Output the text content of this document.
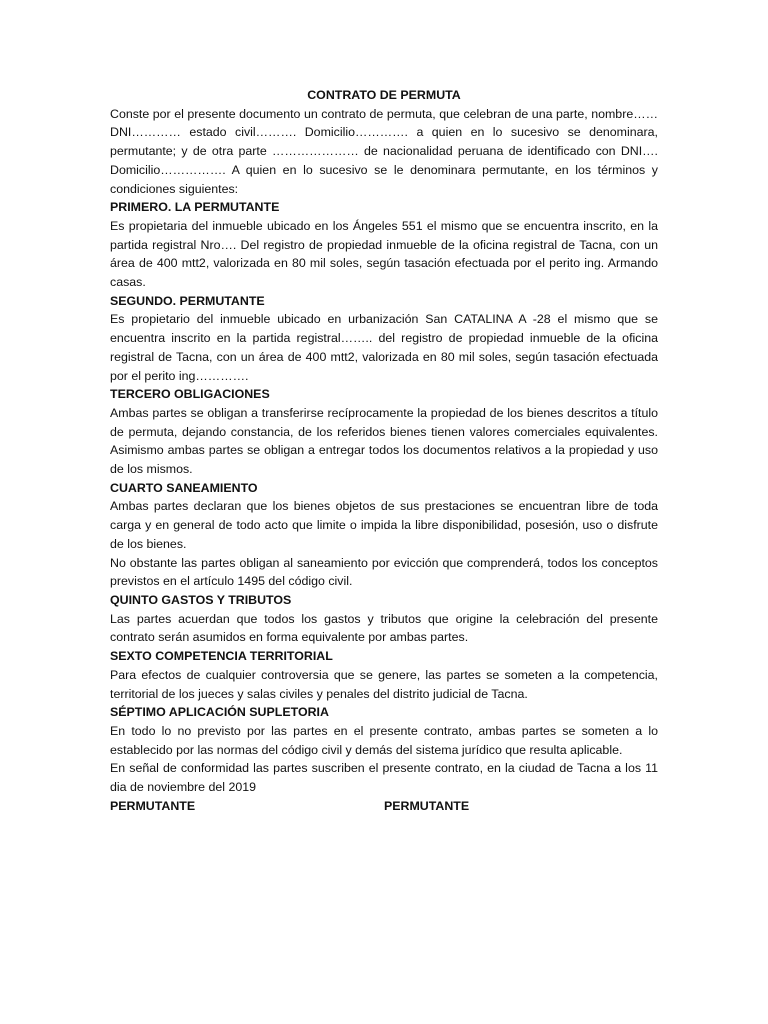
CONTRATO DE PERMUTA

Conste por el presente documento un contrato de permuta, que celebran de una parte, nombre…… DNI………… estado civil………. Domicilio…………. a quien en lo sucesivo se denominara, permutante; y de otra parte ………………… de nacionalidad peruana de identificado con DNI…. Domicilio……………. A quien en lo sucesivo se le denominara permutante, en los términos y condiciones siguientes:

PRIMERO. LA PERMUTANTE

Es propietaria del inmueble ubicado en los Ángeles 551 el mismo que se encuentra inscrito, en la partida registral Nro…. Del registro de propiedad inmueble de la oficina registral de Tacna, con un área de 400 mtt2, valorizada en 80 mil soles, según tasación efectuada por el perito ing. Armando casas.

SEGUNDO. PERMUTANTE

Es propietario del inmueble ubicado en urbanización San CATALINA A -28 el mismo que se encuentra inscrito en la partida registral…….. del registro de propiedad inmueble de la oficina registral de Tacna, con un área de 400 mtt2, valorizada en 80 mil soles, según tasación efectuada por el perito ing………….

TERCERO OBLIGACIONES

Ambas partes se obligan a transferirse recíprocamente la propiedad de los bienes descritos a título de permuta, dejando constancia, de los referidos bienes tienen valores comerciales equivalentes. Asimismo ambas partes se obligan a entregar todos los documentos relativos a la propiedad y uso de los mismos.

CUARTO SANEAMIENTO

Ambas partes declaran que los bienes objetos de sus prestaciones se encuentran libre de toda carga y en general de todo acto que limite o impida la libre disponibilidad, posesión, uso o disfrute de los bienes.

No obstante las partes obligan al saneamiento por evicción que comprenderá, todos los conceptos previstos en el artículo 1495 del código civil.

QUINTO GASTOS Y TRIBUTOS

Las partes acuerdan que todos los gastos y tributos que origine la celebración del presente contrato serán asumidos en forma equivalente por ambas partes.

SEXTO COMPETENCIA TERRITORIAL

Para efectos de cualquier controversia que se genere, las partes se someten a la competencia, territorial de los jueces y salas civiles y penales del distrito judicial de Tacna.

SÉPTIMO APLICACIÓN SUPLETORIA

En todo lo no previsto por las partes en el presente contrato, ambas partes se someten a lo establecido por las normas del código civil y demás del sistema jurídico que resulta aplicable.

En señal de conformidad las partes suscriben el presente contrato, en la ciudad de Tacna a los 11 dia de noviembre del 2019

PERMUTANTE	PERMUTANTE
